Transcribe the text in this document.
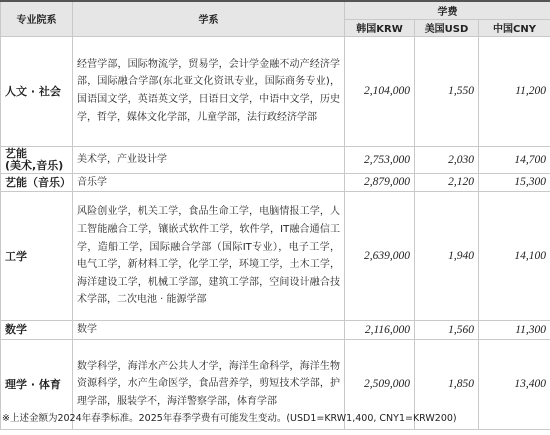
专业院系	学系	学费		
		韩国KRW	美国USD	中国CNY
人文 · 社会	经营学部，国际物流学，贸易学，会计学金融不动产经济学部，国际融合学部(东北亚文化资讯专业，国际商务专业)，国语国文学，英语英文学，日语日文学，中语中文学，历史学，哲学，媒体文化学部，儿童学部，法行政经济学部	2,104,000	1,550	11,200
艺能
(美术,音乐)	美术学，产业设计学	2,753,000	2,030	14,700
艺能（音乐）	音乐学	2,879,000	2,120	15,300
工学	风险创业学，机关工学，食品生命工学，电脑情报工学，人工智能融合工学，镶嵌式软件工学，软件学，IT融合通信工学，造船工学，国际融合学部（国际IT专业），电子工学，电气工学，新材料工学，化学工学，环境工学，土木工学，海洋建设工学，机械工学部，建筑工学部，空间设计融合技术学部，二次电池 · 能源学部	2,639,000	1,940	14,100
数学	数学	2,116,000	1,560	11,300
理学 · 体育	数学科学，海洋水产公共人才学，海洋生命科学，海洋生物资源科学，水产生命医学，食品营养学，剪短技术学部，护理学部，服装学不，海洋警察学部，体育学部	2,509,000	1,850	13,400
※上述金额为2024年春季标准。2025年春季学费有可能发生变动。(USD1=KRW1,400, CNY1=KRW200)
